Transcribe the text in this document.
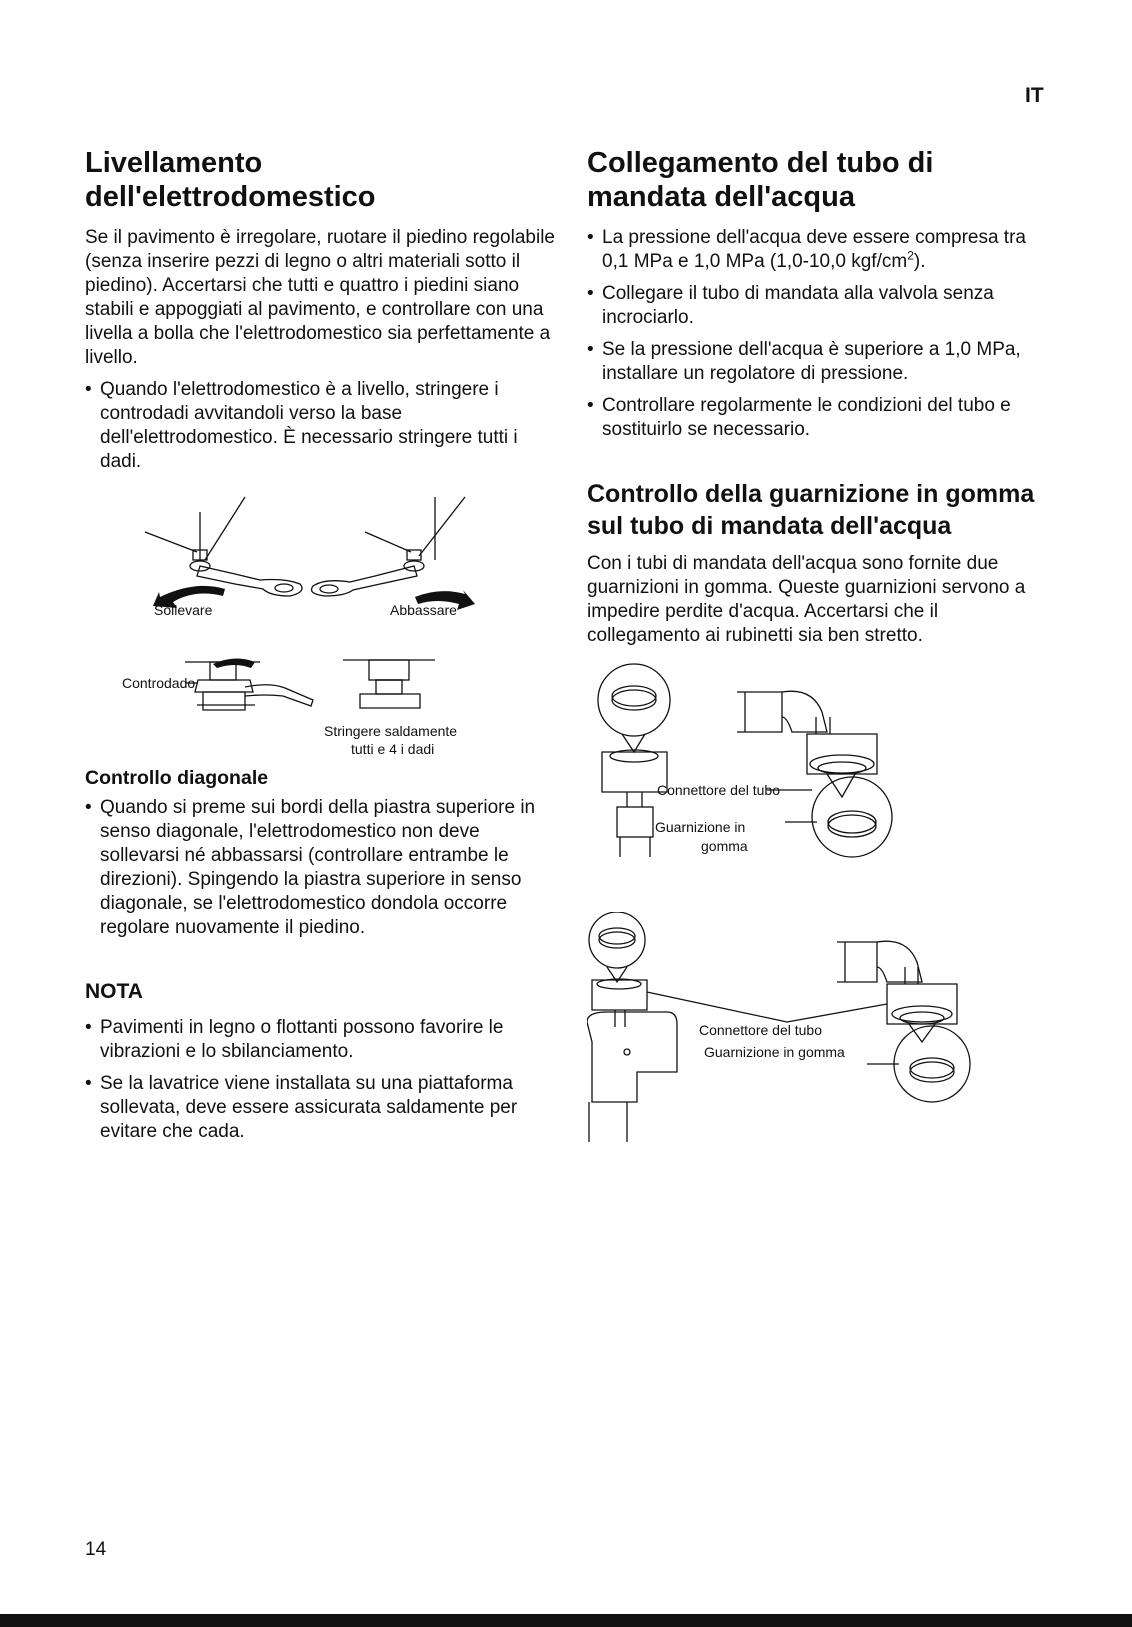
IT
Livellamento dell'elettrodomestico

Se il pavimento è irregolare, ruotare il piedino regolabile (senza inserire pezzi di legno o altri materiali sotto il piedino). Accertarsi che tutti e quattro i piedini siano stabili e appoggiati al pavimento, e controllare con una livella a bolla che l'elettrodomestico sia perfettamente a livello.

• Quando l'elettrodomestico è a livello, stringere i controdadi avvitandoli verso la base dell'elettrodomestico. È necessario stringere tutti i dadi.
Sollevare	Abbassare
Controdado
Stringere saldamente
tutti e 4 i dadi
Controllo diagonale
• Quando si preme sui bordi della piastra superiore in senso diagonale, l'elettrodomestico non deve sollevarsi né abbassarsi (controllare entrambe le direzioni). Spingendo la piastra superiore in senso diagonale, se l'elettrodomestico dondola occorre regolare nuovamente il piedino.
NOTA
• Pavimenti in legno o flottanti possono favorire le vibrazioni e lo sbilanciamento.
• Se la lavatrice viene installata su una piattaforma sollevata, deve essere assicurata saldamente per evitare che cada.
Collegamento del tubo di mandata dell'acqua
• La pressione dell'acqua deve essere compresa tra 0,1 MPa e 1,0 MPa (1,0-10,0 kgf/$cm^2$).
• Collegare il tubo di mandata alla valvola senza incrociarlo.
• Se la pressione dell'acqua è superiore a 1,0 MPa, installare un regolatore di pressione.
• Controllare regolarmente le condizioni del tubo e sostituirlo se necessario.
Controllo della guarnizione in gomma sul tubo di mandata dell'acqua

Con i tubi di mandata dell'acqua sono fornite due guarnizioni in gomma. Queste guarnizioni servono a impedire perdite d'acqua. Accertarsi che il collegamento ai rubinetti sia ben stretto.

Connettore del tubo
Guarnizione in
gomma
Connettore del tubo
Guarnizione in gomma
14
